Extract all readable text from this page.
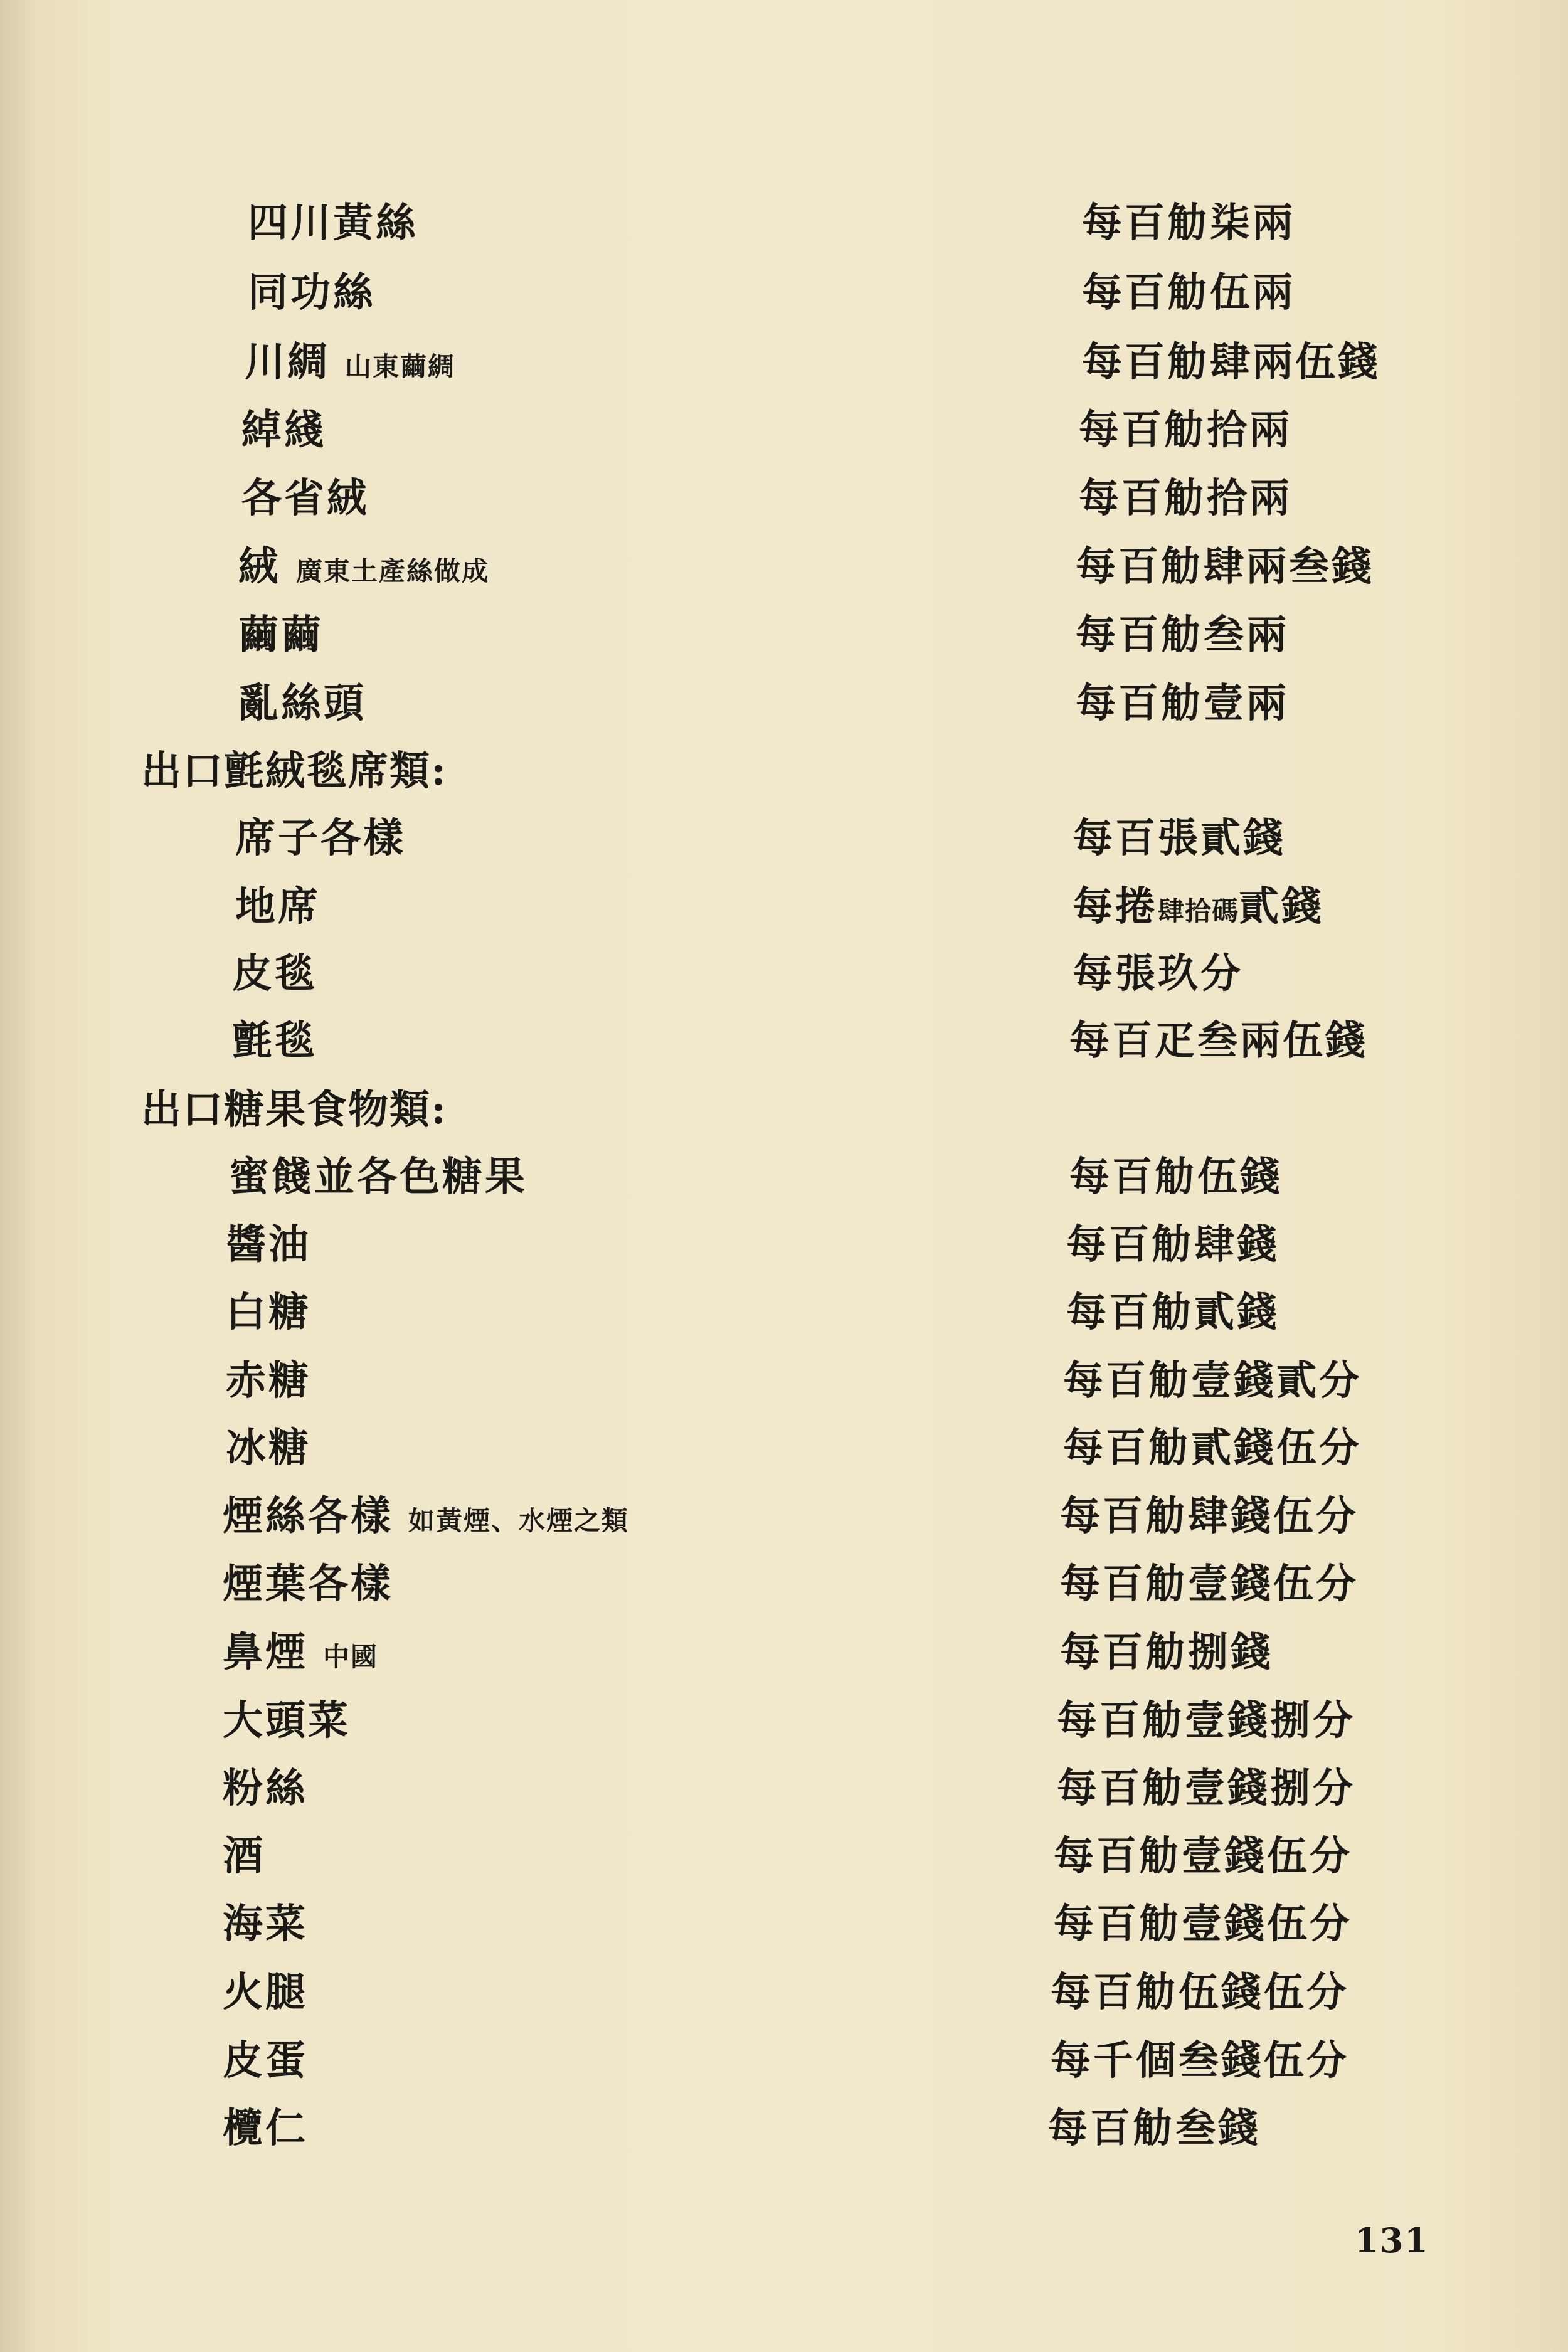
四川黃絲	每百觔柒兩
同功絲	每百觔伍兩
川綢 山東繭綢	每百觔肆兩伍錢
綽綫	每百觔拾兩
各省絨	每百觔拾兩
絨廣東土產絲做成	每百觔肆兩叁錢
繭繭	每百觔叁兩
亂絲頭	每百觔壹兩
出口氈絨毯席類:
席子各樣	每百張貳錢
地席	每捲肆拾碼貳錢
皮毯	每張玖分
氈毯	每百疋叁兩伍錢
出口糖果食物類:
蜜餞並各色糖果	每百觔伍錢
醬油	每百觔肆錢
白糖	每百觔貳錢
赤糖	每百觔壹錢貳分
冰糖	每百觔貳錢伍分
煙絲各樣 如黃煙、水煙之類	每百觔肆錢伍分
煙葉各樣	每百觔壹錢伍分
鼻煙 中國	每百觔捌錢
大頭菜	每百觔壹錢捌分
粉絲	每百觔壹錢捌分
酒	每百觔壹錢伍分
海菜	每百觔壹錢伍分
火腿	每百觔伍錢伍分
皮蛋	每千個叁錢伍分
欖仁	每百觔叁錢
131
